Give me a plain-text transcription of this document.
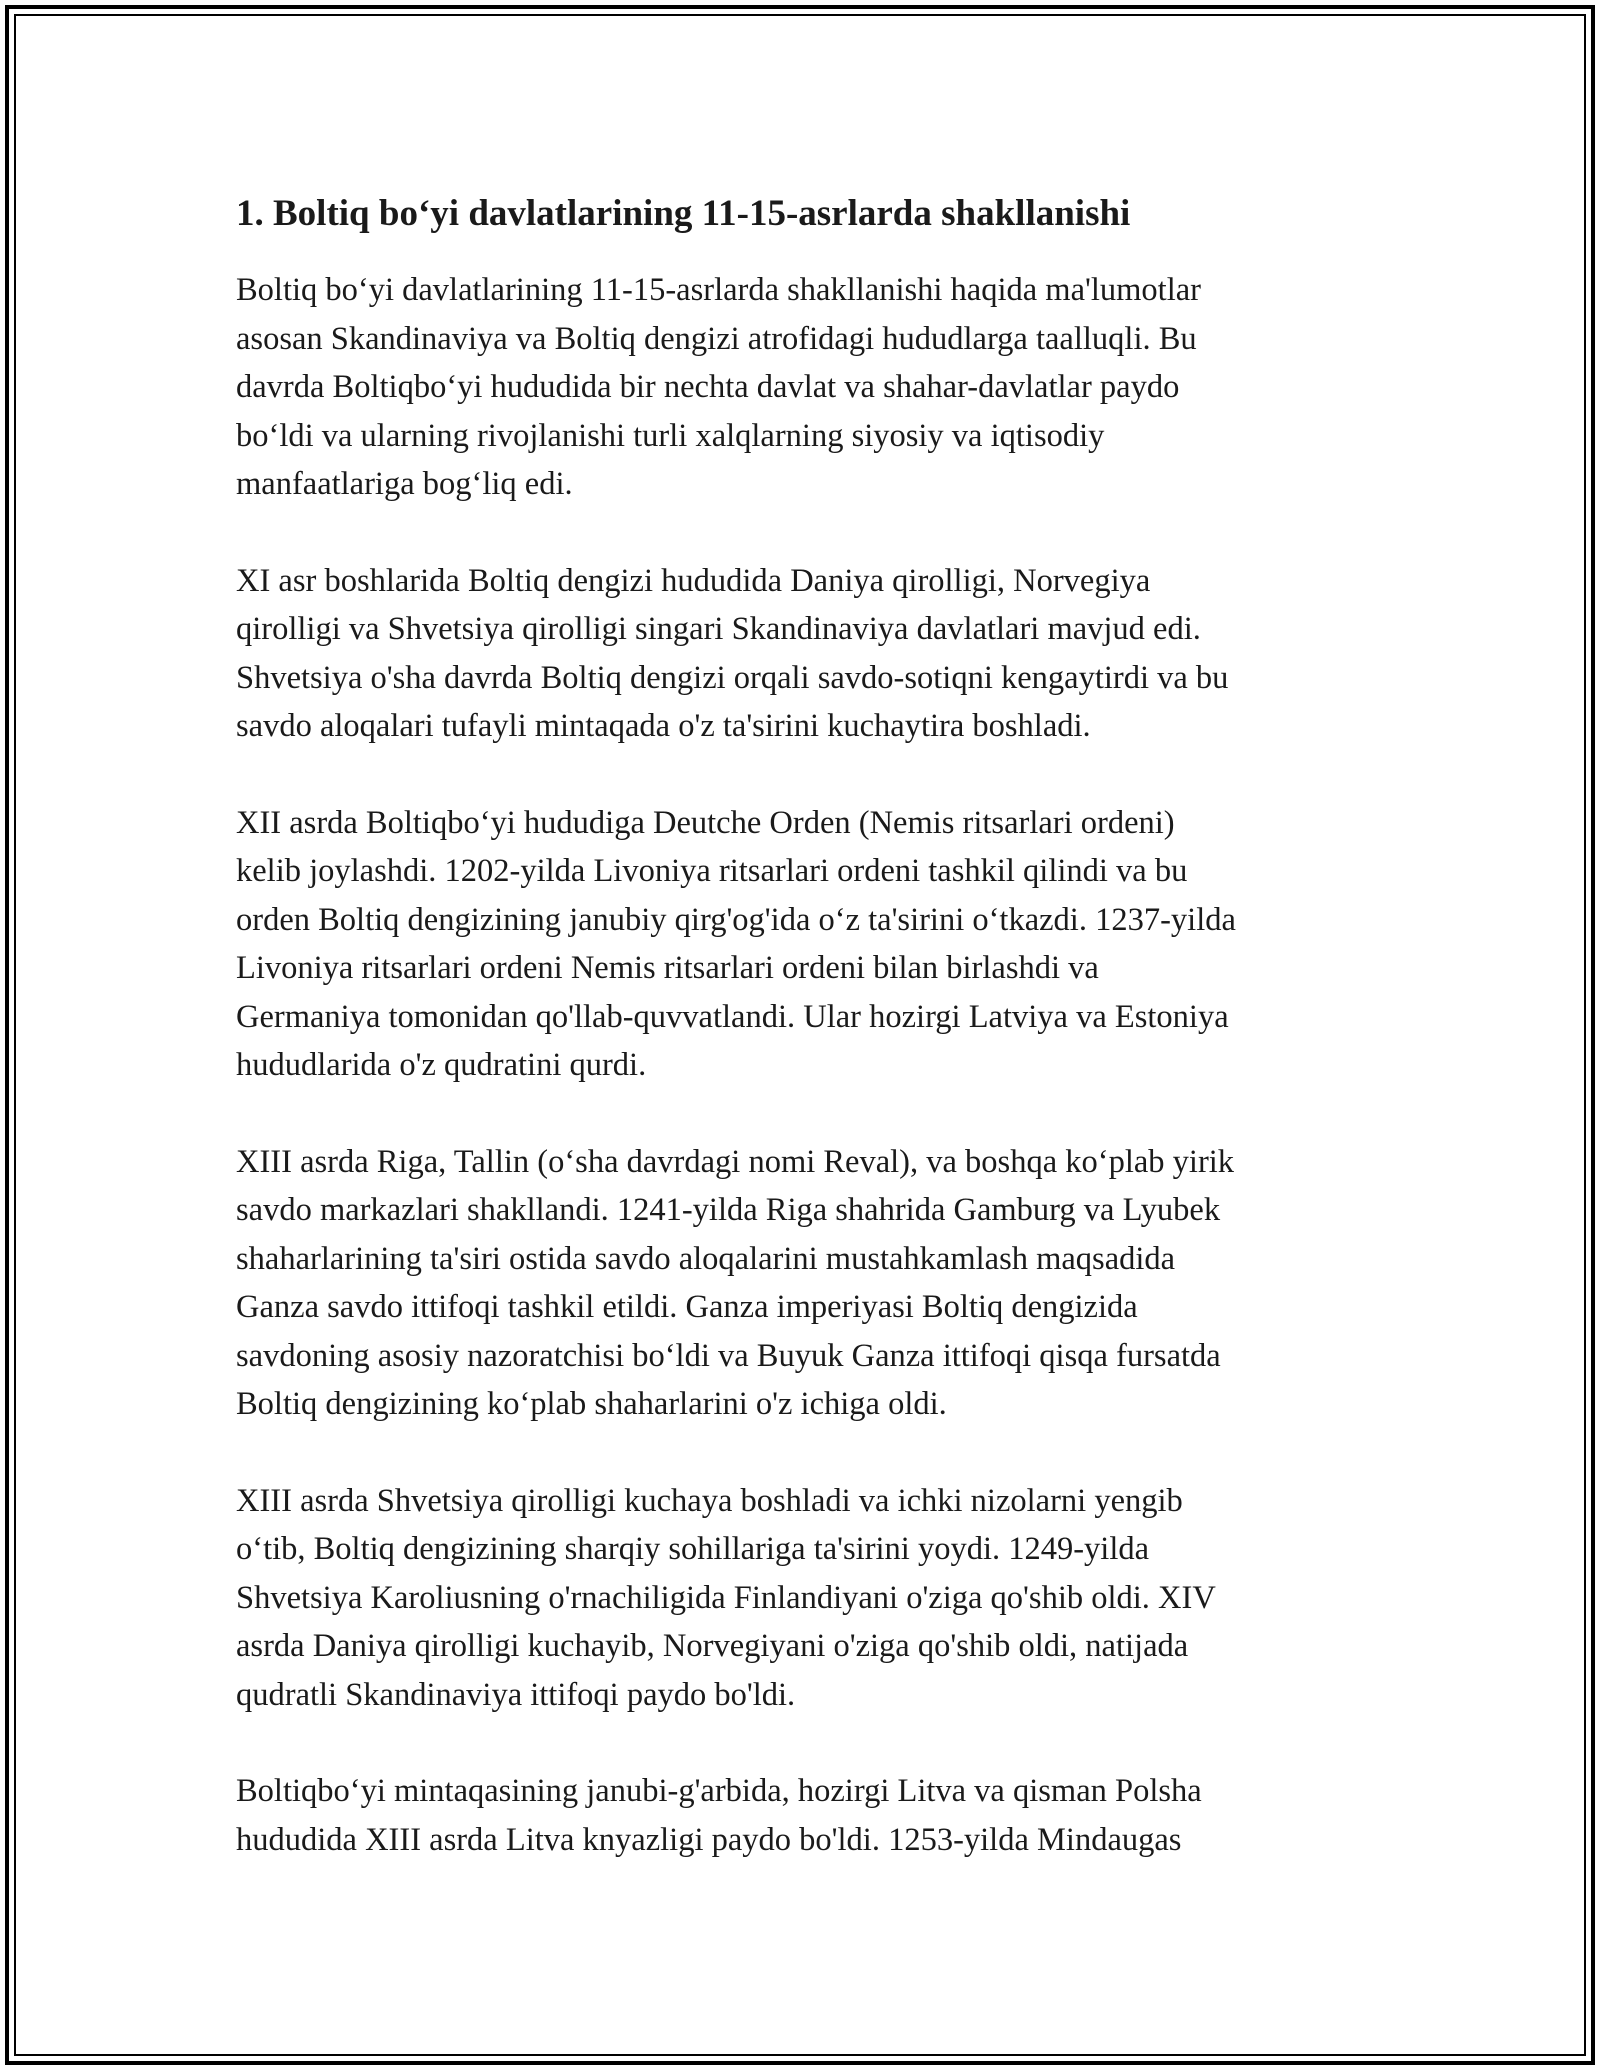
1. Boltiq bo‘yi davlatlarining 11-15-asrlarda shakllanishi

Boltiq bo‘yi davlatlarining 11-15-asrlarda shakllanishi haqida ma'lumotlar
asosan Skandinaviya va Boltiq dengizi atrofidagi hududlarga taalluqli. Bu
davrda Boltiqbo‘yi hududida bir nechta davlat va shahar-davlatlar paydo
bo‘ldi va ularning rivojlanishi turli xalqlarning siyosiy va iqtisodiy
manfaatlariga bog‘liq edi.

XI asr boshlarida Boltiq dengizi hududida Daniya qirolligi, Norvegiya
qirolligi va Shvetsiya qirolligi singari Skandinaviya davlatlari mavjud edi.
Shvetsiya o'sha davrda Boltiq dengizi orqali savdo-sotiqni kengaytirdi va bu
savdo aloqalari tufayli mintaqada o'z ta'sirini kuchaytira boshladi.

XII asrda Boltiqbo‘yi hududiga Deutche Orden (Nemis ritsarlari ordeni)
kelib joylashdi. 1202-yilda Livoniya ritsarlari ordeni tashkil qilindi va bu
orden Boltiq dengizining janubiy qirg'og'ida o‘z ta'sirini o‘tkazdi. 1237-yilda
Livoniya ritsarlari ordeni Nemis ritsarlari ordeni bilan birlashdi va
Germaniya tomonidan qo'llab-quvvatlandi. Ular hozirgi Latviya va Estoniya
hududlarida o'z qudratini qurdi.

XIII asrda Riga, Tallin (o‘sha davrdagi nomi Reval), va boshqa ko‘plab yirik
savdo markazlari shakllandi. 1241-yilda Riga shahrida Gamburg va Lyubek
shaharlarining ta'siri ostida savdo aloqalarini mustahkamlash maqsadida
Ganza savdo ittifoqi tashkil etildi. Ganza imperiyasi Boltiq dengizida
savdoning asosiy nazoratchisi bo‘ldi va Buyuk Ganza ittifoqi qisqa fursatda
Boltiq dengizining ko‘plab shaharlarini o'z ichiga oldi.

XIII asrda Shvetsiya qirolligi kuchaya boshladi va ichki nizolarni yengib
o‘tib, Boltiq dengizining sharqiy sohillariga ta'sirini yoydi. 1249-yilda
Shvetsiya Karoliusning o'rnachiligida Finlandiyani o'ziga qo'shib oldi. XIV
asrda Daniya qirolligi kuchayib, Norvegiyani o'ziga qo'shib oldi, natijada
qudratli Skandinaviya ittifoqi paydo bo'ldi.

Boltiqbo‘yi mintaqasining janubi-g'arbida, hozirgi Litva va qisman Polsha
hududida XIII asrda Litva knyazligi paydo bo'ldi. 1253-yilda Mindaugas
